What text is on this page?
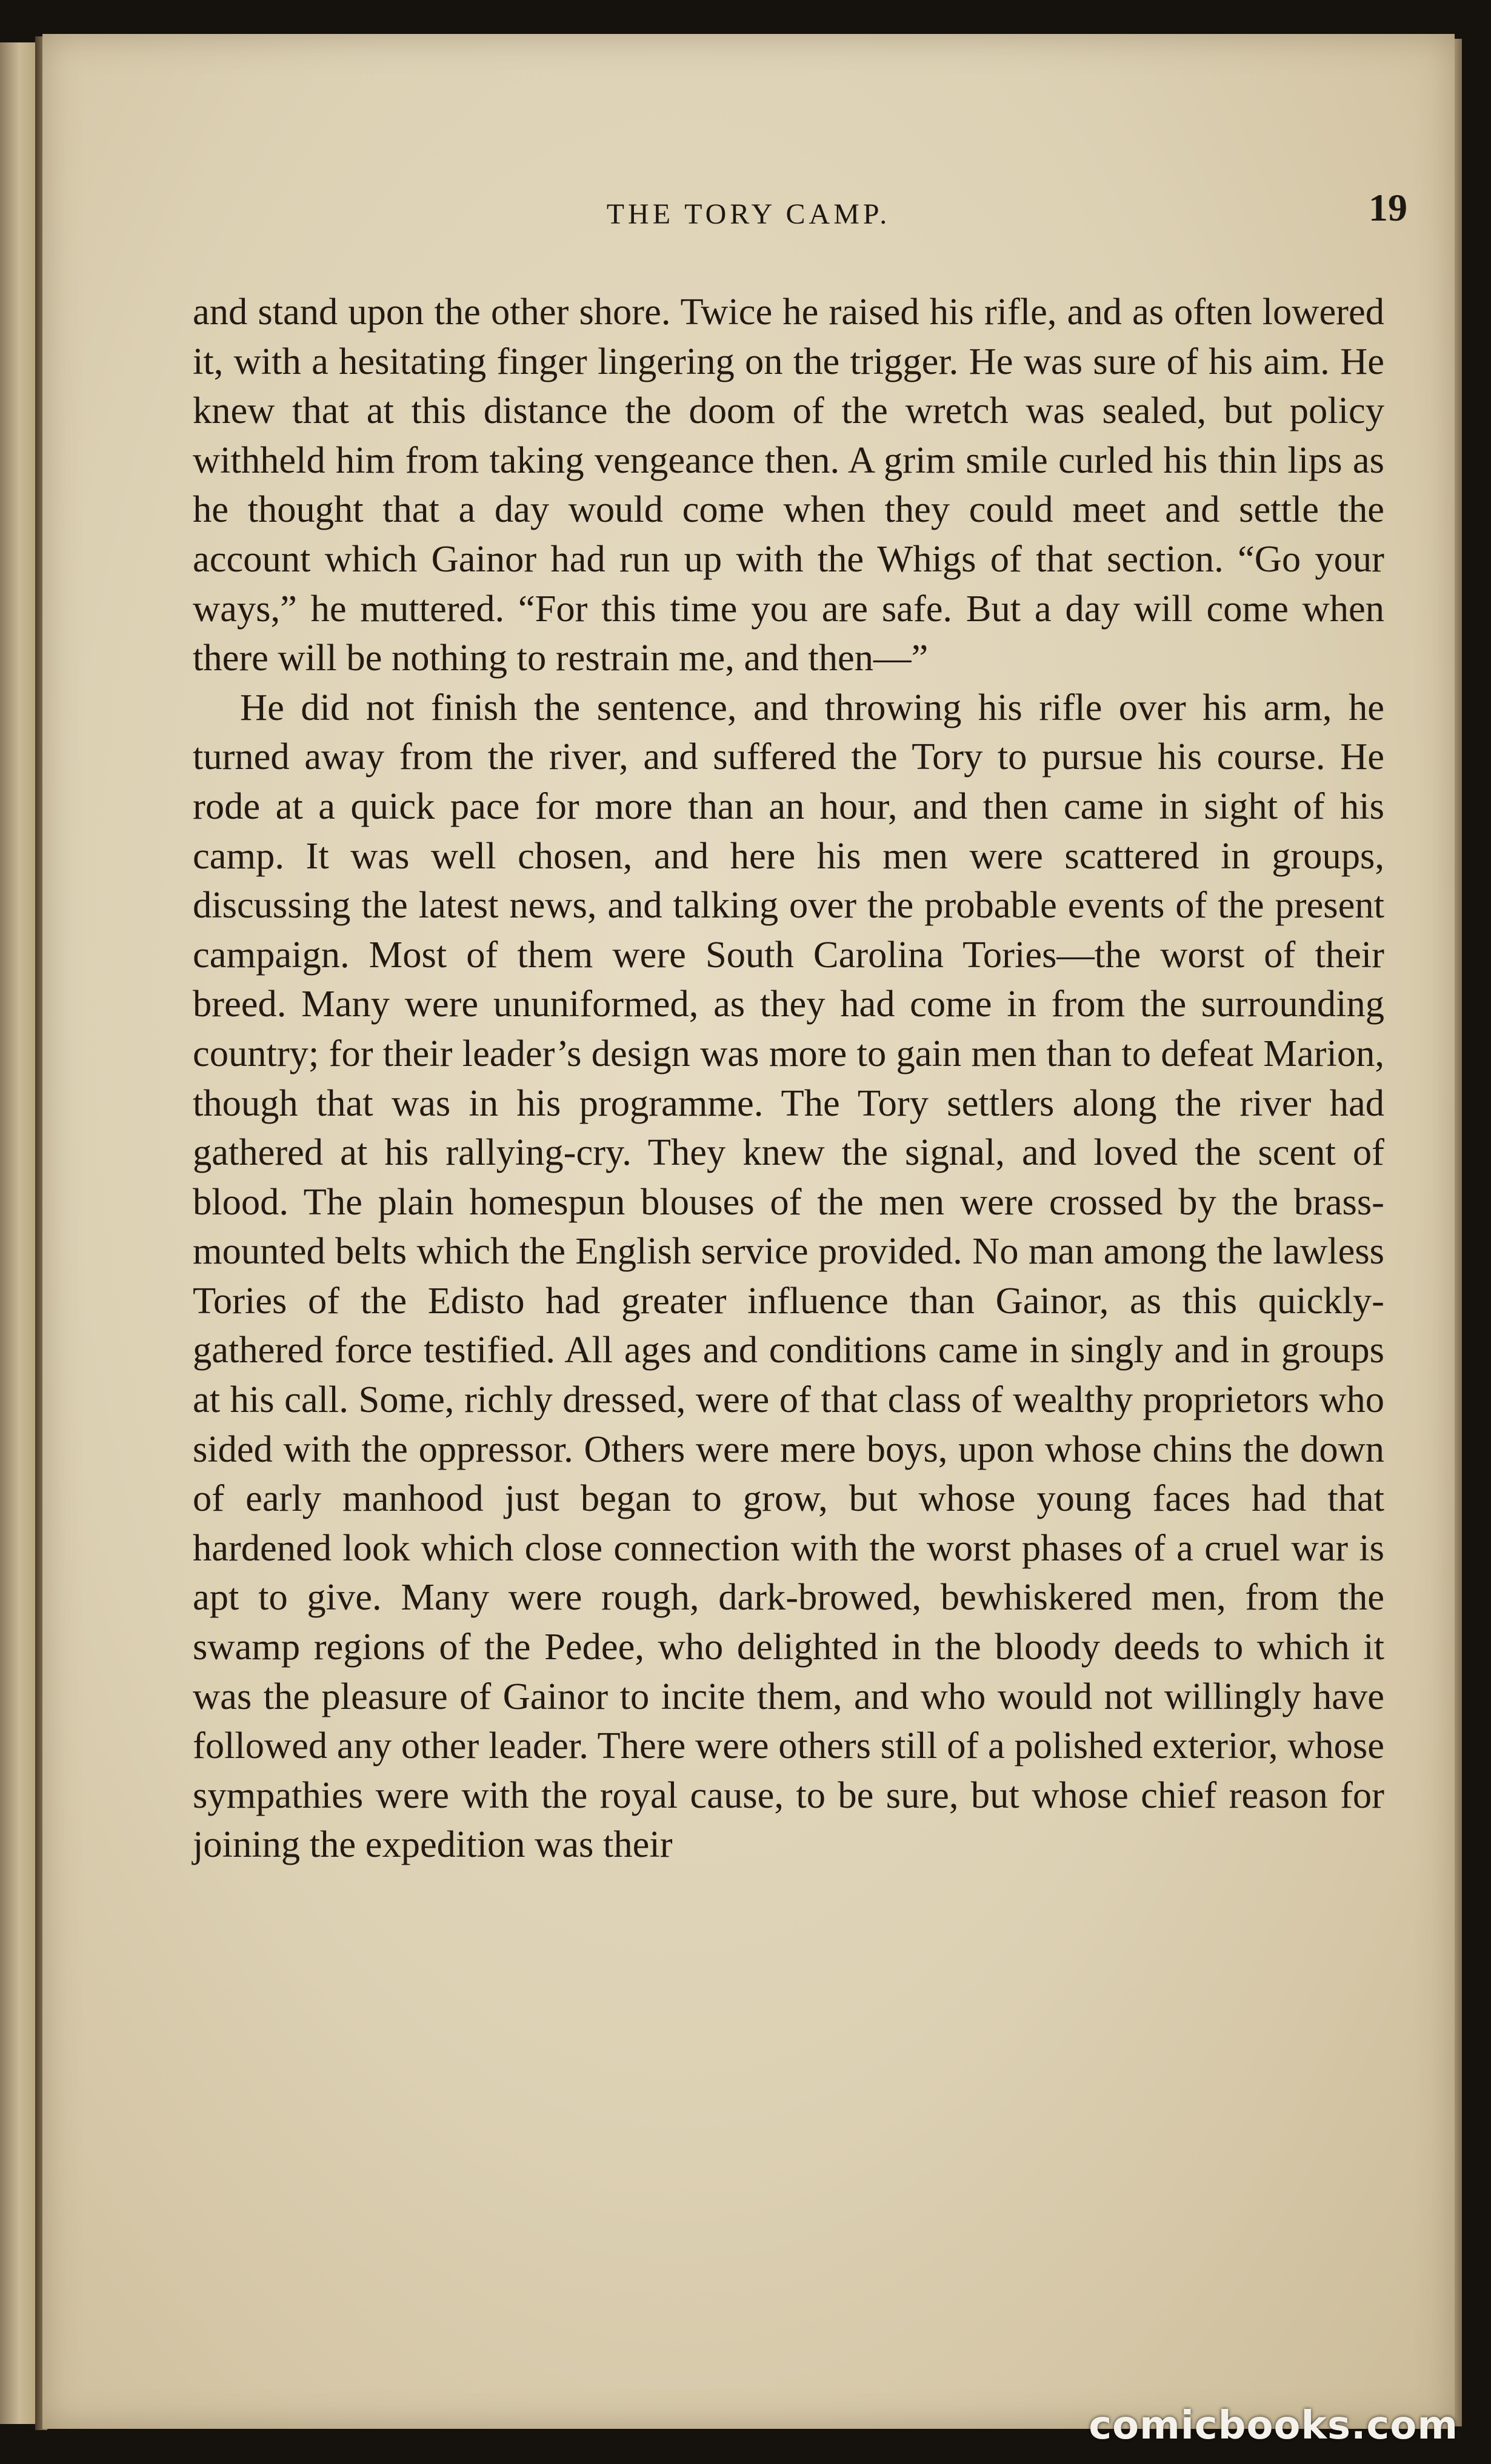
THE TORY CAMP.	19

and stand upon the other shore. Twice he raised his rifle, and as often lowered it, with a hesitating finger lingering on the trigger. He was sure of his aim. He knew that at this distance the doom of the wretch was sealed, but policy withheld him from taking vengeance then. A grim smile curled his thin lips as he thought that a day would come when they could meet and settle the account which Gainor had run up with the Whigs of that section. “Go your ways,” he muttered. “For this time you are safe. But a day will come when there will be nothing to restrain me, and then—”

He did not finish the sentence, and throwing his rifle over his arm, he turned away from the river, and suffered the Tory to pursue his course. He rode at a quick pace for more than an hour, and then came in sight of his camp. It was well chosen, and here his men were scattered in groups, discussing the latest news, and talking over the probable events of the present campaign. Most of them were South Carolina Tories—the worst of their breed. Many were ununiformed, as they had come in from the surrounding country; for their leader’s design was more to gain men than to defeat Marion, though that was in his programme. The Tory settlers along the river had gathered at his rallying-cry. They knew the signal, and loved the scent of blood. The plain homespun blouses of the men were crossed by the brass-mounted belts which the English service provided. No man among the lawless Tories of the Edisto had greater influence than Gainor, as this quickly-gathered force testified. All ages and conditions came in singly and in groups at his call. Some, richly dressed, were of that class of wealthy proprietors who sided with the oppressor. Others were mere boys, upon whose chins the down of early manhood just began to grow, but whose young faces had that hardened look which close connection with the worst phases of a cruel war is apt to give. Many were rough, dark-browed, bewhiskered men, from the swamp regions of the Pedee, who delighted in the bloody deeds to which it was the pleasure of Gainor to incite them, and who would not willingly have followed any other leader. There were others still of a polished exterior, whose sympathies were with the royal cause, to be sure, but whose chief reason for joining the expedition was their

comicbooks.com
